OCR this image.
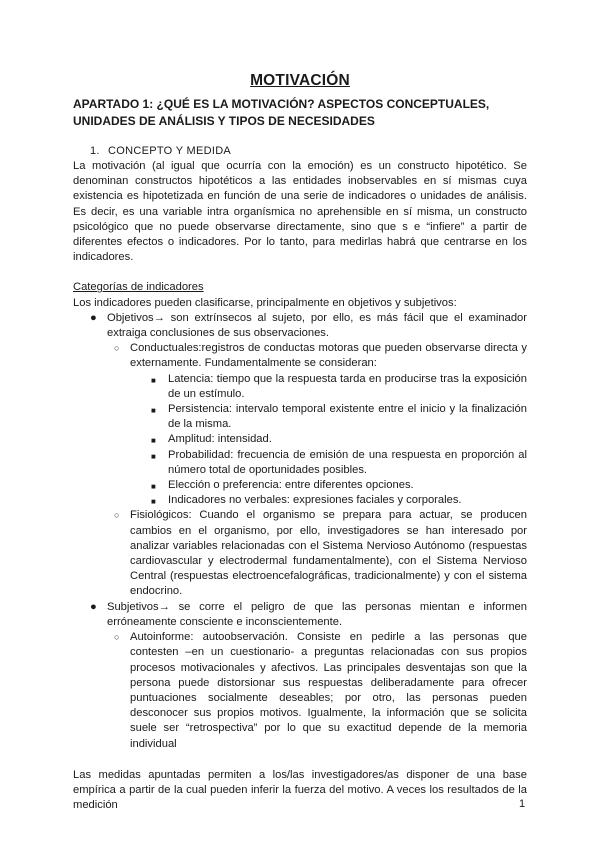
MOTIVACIÓN
APARTADO 1: ¿QUÉ ES LA MOTIVACIÓN? ASPECTOS CONCEPTUALES, UNIDADES DE ANÁLISIS Y TIPOS DE NECESIDADES
1. CONCEPTO Y MEDIDA

La motivación (al igual que ocurría con la emoción) es un constructo hipotético. Se denominan constructos hipotéticos a las entidades inobservables en sí mismas cuya existencia es hipotetizada en función de una serie de indicadores o unidades de análisis. Es decir, es una variable intra organísmica no aprehensible en sí misma, un constructo psicológico que no puede observarse directamente, sino que s e “infiere” a partir de diferentes efectos o indicadores. Por lo tanto, para medirlas habrá que centrarse en los indicadores.

Categorías de indicadores

Los indicadores pueden clasificarse, principalmente en objetivos y subjetivos:

● Objetivos→ son extrínsecos al sujeto, por ello, es más fácil que el examinador extraiga conclusiones de sus observaciones.
○ Conductuales:registros de conductas motoras que pueden observarse directa y externamente. Fundamentalmente se consideran:
■ Latencia: tiempo que la respuesta tarda en producirse tras la exposición de un estímulo.
■ Persistencia: intervalo temporal existente entre el inicio y la finalización de la misma.
■ Amplitud: intensidad.
■ Probabilidad: frecuencia de emisión de una respuesta en proporción al número total de oportunidades posibles.
■ Elección o preferencia: entre diferentes opciones.
■ Indicadores no verbales: expresiones faciales y corporales.
○ Fisiológicos: Cuando el organismo se prepara para actuar, se producen cambios en el organismo, por ello, investigadores se han interesado por analizar variables relacionadas con el Sistema Nervioso Autónomo (respuestas cardiovascular y electrodermal fundamentalmente), con el Sistema Nervioso Central (respuestas electroencefalográficas, tradicionalmente) y con el sistema endocrino.
● Subjetivos→ se corre el peligro de que las personas mientan e informen erróneamente consciente e inconscientemente.
○ Autoinforme: autoobservación. Consiste en pedirle a las personas que contesten –en un cuestionario- a preguntas relacionadas con sus propios procesos motivacionales y afectivos. Las principales desventajas son que la persona puede distorsionar sus respuestas deliberadamente para ofrecer puntuaciones socialmente deseables; por otro, las personas pueden desconocer sus propios motivos. Igualmente, la información que se solicita suele ser “retrospectiva” por lo que su exactitud depende de la memoria individual

Las medidas apuntadas permiten a los/las investigadores/as disponer de una base empírica a partir de la cual pueden inferir la fuerza del motivo. A veces los resultados de la medición	1
